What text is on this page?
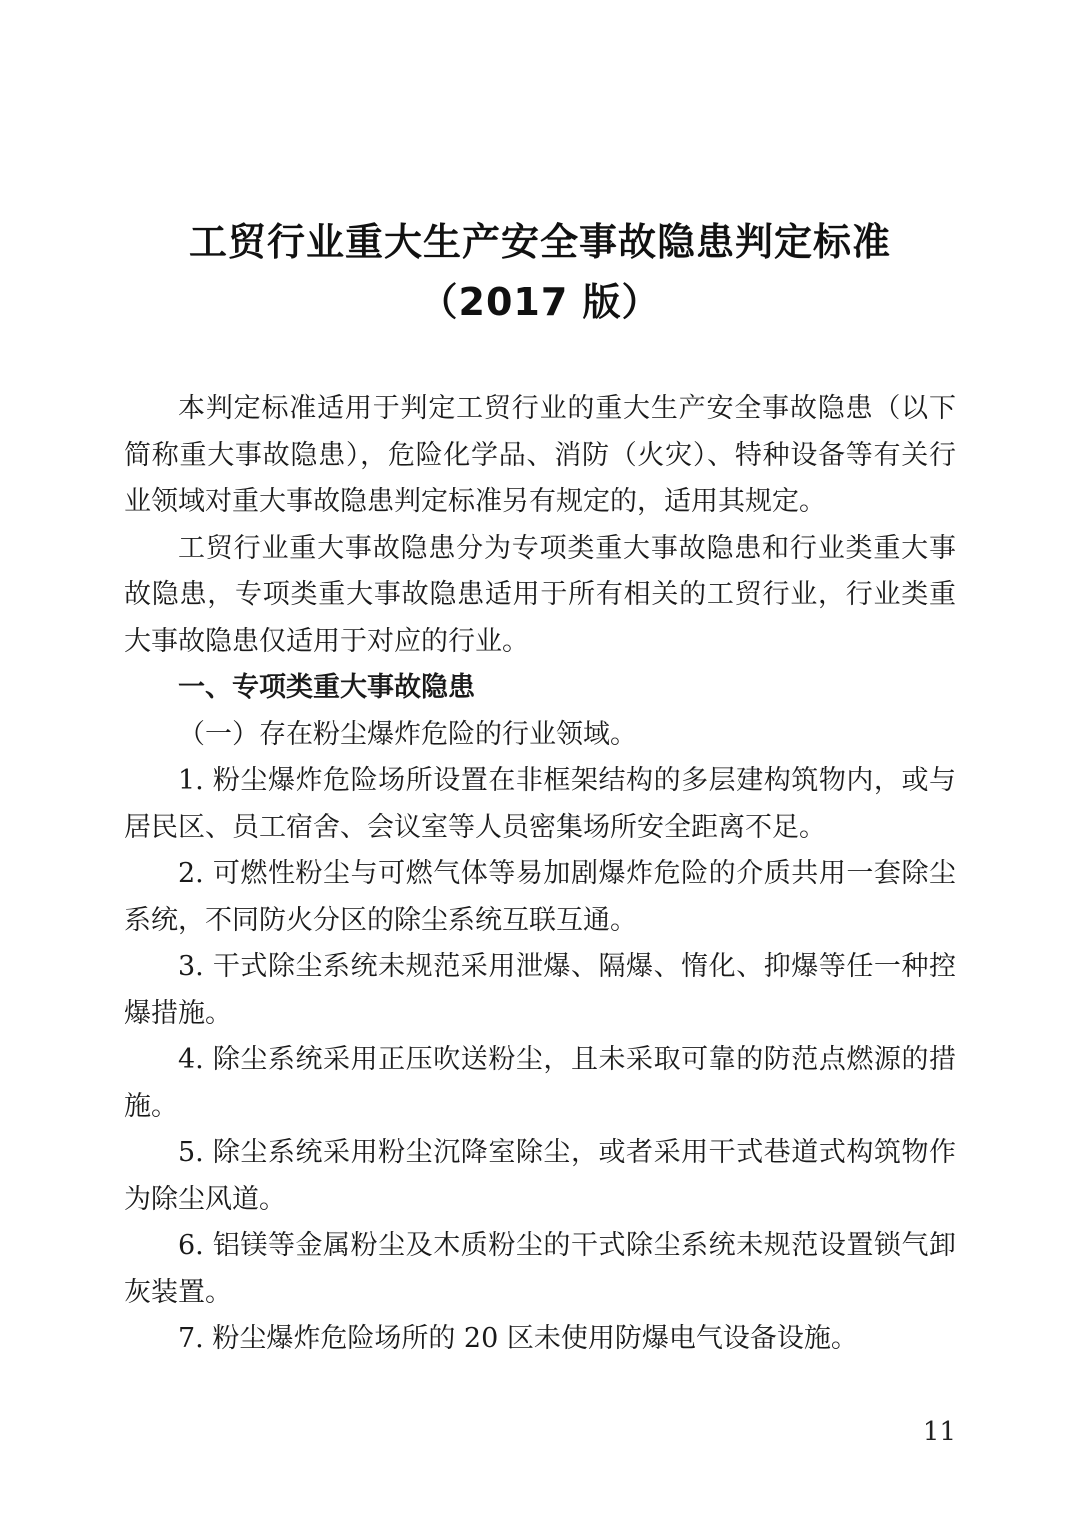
工贸行业重大生产安全事故隐患判定标准
（2017 版）

本判定标准适用于判定工贸行业的重大生产安全事故隐患（以下简称重大事故隐患），危险化学品、消防（火灾）、特种设备等有关行业领域对重大事故隐患判定标准另有规定的，适用其规定。

工贸行业重大事故隐患分为专项类重大事故隐患和行业类重大事故隐患，专项类重大事故隐患适用于所有相关的工贸行业，行业类重大事故隐患仅适用于对应的行业。

一、专项类重大事故隐患

（一）存在粉尘爆炸危险的行业领域。

1. 粉尘爆炸危险场所设置在非框架结构的多层建构筑物内，或与居民区、员工宿舍、会议室等人员密集场所安全距离不足。

2. 可燃性粉尘与可燃气体等易加剧爆炸危险的介质共用一套除尘系统，不同防火分区的除尘系统互联互通。

3. 干式除尘系统未规范采用泄爆、隔爆、惰化、抑爆等任一种控爆措施。

4. 除尘系统采用正压吹送粉尘，且未采取可靠的防范点燃源的措施。

5. 除尘系统采用粉尘沉降室除尘，或者采用干式巷道式构筑物作为除尘风道。

6. 铝镁等金属粉尘及木质粉尘的干式除尘系统未规范设置锁气卸灰装置。

7. 粉尘爆炸危险场所的 20 区未使用防爆电气设备设施。

11
